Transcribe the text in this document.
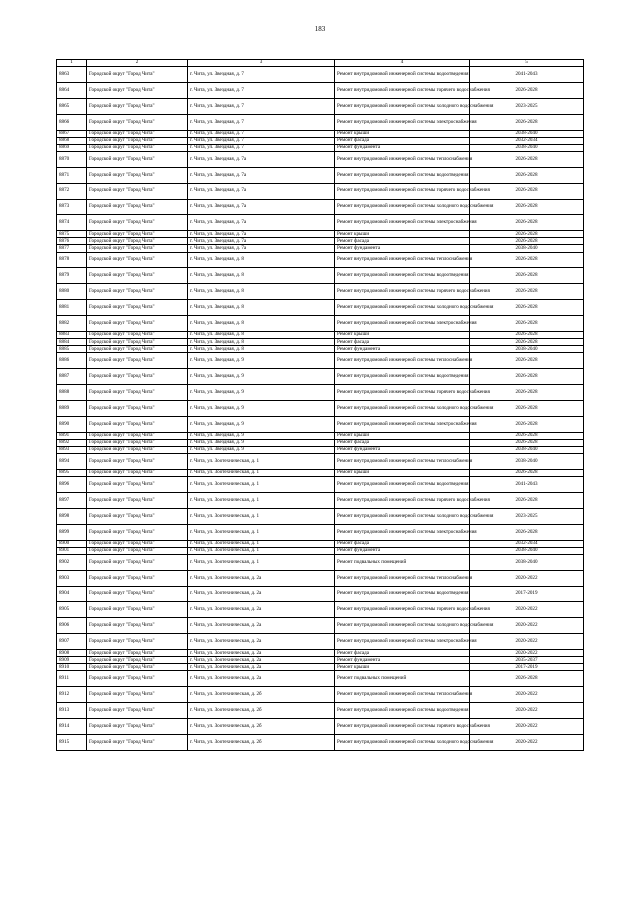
183
1	2	3	4	5
8863	Городской округ "Город Чита"	г. Чита, ул. Звездная, д. 7	Ремонт внутридомовой инженерной системы водоотведения	2041-2043
8864	Городской округ "Город Чита"	г. Чита, ул. Звездная, д. 7	Ремонт внутридомовой инженерной системы горячего водоснабжения	2026-2028
8865	Городской округ "Город Чита"	г. Чита, ул. Звездная, д. 7	Ремонт внутридомовой инженерной системы холодного водоснабжения	2023-2025
8866	Городской округ "Город Чита"	г. Чита, ул. Звездная, д. 7	Ремонт внутридомовой инженерной системы электроснабжения	2026-2028
8867	Городской округ "Город Чита"	г. Чита, ул. Звездная, д. 7	Ремонт крыши	2038-2040
8868	Городской округ "Город Чита"	г. Чита, ул. Звездная, д. 7	Ремонт фасада	2032-2034
8869	Городской округ "Город Чита"	г. Чита, ул. Звездная, д. 7	Ремонт фундамента	2038-2040
8870	Городской округ "Город Чита"	г. Чита, ул. Звездная, д. 7а	Ремонт внутридомовой инженерной системы теплоснабжения	2026-2028
8871	Городской округ "Город Чита"	г. Чита, ул. Звездная, д. 7а	Ремонт внутридомовой инженерной системы водоотведения	2026-2028
8872	Городской округ "Город Чита"	г. Чита, ул. Звездная, д. 7а	Ремонт внутридомовой инженерной системы горячего водоснабжения	2026-2028
8873	Городской округ "Город Чита"	г. Чита, ул. Звездная, д. 7а	Ремонт внутридомовой инженерной системы холодного водоснабжения	2026-2028
8874	Городской округ "Город Чита"	г. Чита, ул. Звездная, д. 7а	Ремонт внутридомовой инженерной системы электроснабжения	2026-2028
8875	Городской округ "Город Чита"	г. Чита, ул. Звездная, д. 7а	Ремонт крыши	2026-2028
8876	Городской округ "Город Чита"	г. Чита, ул. Звездная, д. 7а	Ремонт фасада	2026-2028
8877	Городской округ "Город Чита"	г. Чита, ул. Звездная, д. 7а	Ремонт фундамента	2038-2040
8878	Городской округ "Город Чита"	г. Чита, ул. Звездная, д. 8	Ремонт внутридомовой инженерной системы теплоснабжения	2026-2028
8879	Городской округ "Город Чита"	г. Чита, ул. Звездная, д. 8	Ремонт внутридомовой инженерной системы водоотведения	2026-2028
8880	Городской округ "Город Чита"	г. Чита, ул. Звездная, д. 8	Ремонт внутридомовой инженерной системы горячего водоснабжения	2026-2028
8881	Городской округ "Город Чита"	г. Чита, ул. Звездная, д. 8	Ремонт внутридомовой инженерной системы холодного водоснабжения	2026-2028
8882	Городской округ "Город Чита"	г. Чита, ул. Звездная, д. 8	Ремонт внутридомовой инженерной системы электроснабжения	2026-2028
8883	Городской округ "Город Чита"	г. Чита, ул. Звездная, д. 8	Ремонт крыши	2026-2028
8884	Городской округ "Город Чита"	г. Чита, ул. Звездная, д. 8	Ремонт фасада	2026-2028
8885	Городской округ "Город Чита"	г. Чита, ул. Звездная, д. 8	Ремонт фундамента	2038-2040
8886	Городской округ "Город Чита"	г. Чита, ул. Звездная, д. 9	Ремонт внутридомовой инженерной системы теплоснабжения	2026-2028
8887	Городской округ "Город Чита"	г. Чита, ул. Звездная, д. 9	Ремонт внутридомовой инженерной системы водоотведения	2026-2028
8888	Городской округ "Город Чита"	г. Чита, ул. Звездная, д. 9	Ремонт внутридомовой инженерной системы горячего водоснабжения	2026-2028
8889	Городской округ "Город Чита"	г. Чита, ул. Звездная, д. 9	Ремонт внутридомовой инженерной системы холодного водоснабжения	2026-2028
8890	Городской округ "Город Чита"	г. Чита, ул. Звездная, д. 9	Ремонт внутридомовой инженерной системы электроснабжения	2026-2028
8891	Городской округ "Город Чита"	г. Чита, ул. Звездная, д. 9	Ремонт крыши	2026-2028
8892	Городской округ "Город Чита"	г. Чита, ул. Звездная, д. 9	Ремонт фасада	2026-2028
8893	Городской округ "Город Чита"	г. Чита, ул. Звездная, д. 9	Ремонт фундамента	2038-2040
8894	Городской округ "Город Чита"	г. Чита, ул. Зоотехническая, д. 1	Ремонт внутридомовой инженерной системы теплоснабжения	2038-2040
8895	Городской округ "Город Чита"	г. Чита, ул. Зоотехническая, д. 1	Ремонт крыши	2026-2028
8896	Городской округ "Город Чита"	г. Чита, ул. Зоотехническая, д. 1	Ремонт внутридомовой инженерной системы водоотведения	2041-2043
8897	Городской округ "Город Чита"	г. Чита, ул. Зоотехническая, д. 1	Ремонт внутридомовой инженерной системы горячего водоснабжения	2026-2028
8898	Городской округ "Город Чита"	г. Чита, ул. Зоотехническая, д. 1	Ремонт внутридомовой инженерной системы холодного водоснабжения	2023-2025
8899	Городской округ "Город Чита"	г. Чита, ул. Зоотехническая, д. 1	Ремонт внутридомовой инженерной системы электроснабжения	2026-2028
8900	Городской округ "Город Чита"	г. Чита, ул. Зоотехническая, д. 1	Ремонт фасада	2032-2034
8901	Городской округ "Город Чита"	г. Чита, ул. Зоотехническая, д. 1	Ремонт фундамента	2038-2040
8902	Городской округ "Город Чита"	г. Чита, ул. Зоотехническая, д. 1	Ремонт подвальных помещений	2038-2040
8903	Городской округ "Город Чита"	г. Чита, ул. Зоотехническая, д. 2а	Ремонт внутридомовой инженерной системы теплоснабжения	2020-2022
8904	Городской округ "Город Чита"	г. Чита, ул. Зоотехническая, д. 2а	Ремонт внутридомовой инженерной системы водоотведения	2017-2019
8905	Городской округ "Город Чита"	г. Чита, ул. Зоотехническая, д. 2а	Ремонт внутридомовой инженерной системы горячего водоснабжения	2020-2022
8906	Городской округ "Город Чита"	г. Чита, ул. Зоотехническая, д. 2а	Ремонт внутридомовой инженерной системы холодного водоснабжения	2020-2022
8907	Городской округ "Город Чита"	г. Чита, ул. Зоотехническая, д. 2а	Ремонт внутридомовой инженерной системы электроснабжения	2020-2022
8908	Городской округ "Город Чита"	г. Чита, ул. Зоотехническая, д. 2а	Ремонт фасада	2020-2022
8909	Городской округ "Город Чита"	г. Чита, ул. Зоотехническая, д. 2а	Ремонт фундамента	2035-2037
8910	Городской округ "Город Чита"	г. Чита, ул. Зоотехническая, д. 2а	Ремонт крыши	2017-2019
8911	Городской округ "Город Чита"	г. Чита, ул. Зоотехническая, д. 2а	Ремонт подвальных помещений	2026-2028
8912	Городской округ "Город Чита"	г. Чита, ул. Зоотехническая, д. 2б	Ремонт внутридомовой инженерной системы теплоснабжения	2020-2022
8913	Городской округ "Город Чита"	г. Чита, ул. Зоотехническая, д. 2б	Ремонт внутридомовой инженерной системы водоотведения	2020-2022
8914	Городской округ "Город Чита"	г. Чита, ул. Зоотехническая, д. 2б	Ремонт внутридомовой инженерной системы горячего водоснабжения	2020-2022
8915	Городской округ "Город Чита"	г. Чита, ул. Зоотехническая, д. 2б	Ремонт внутридомовой инженерной системы холодного водоснабжения	2020-2022
